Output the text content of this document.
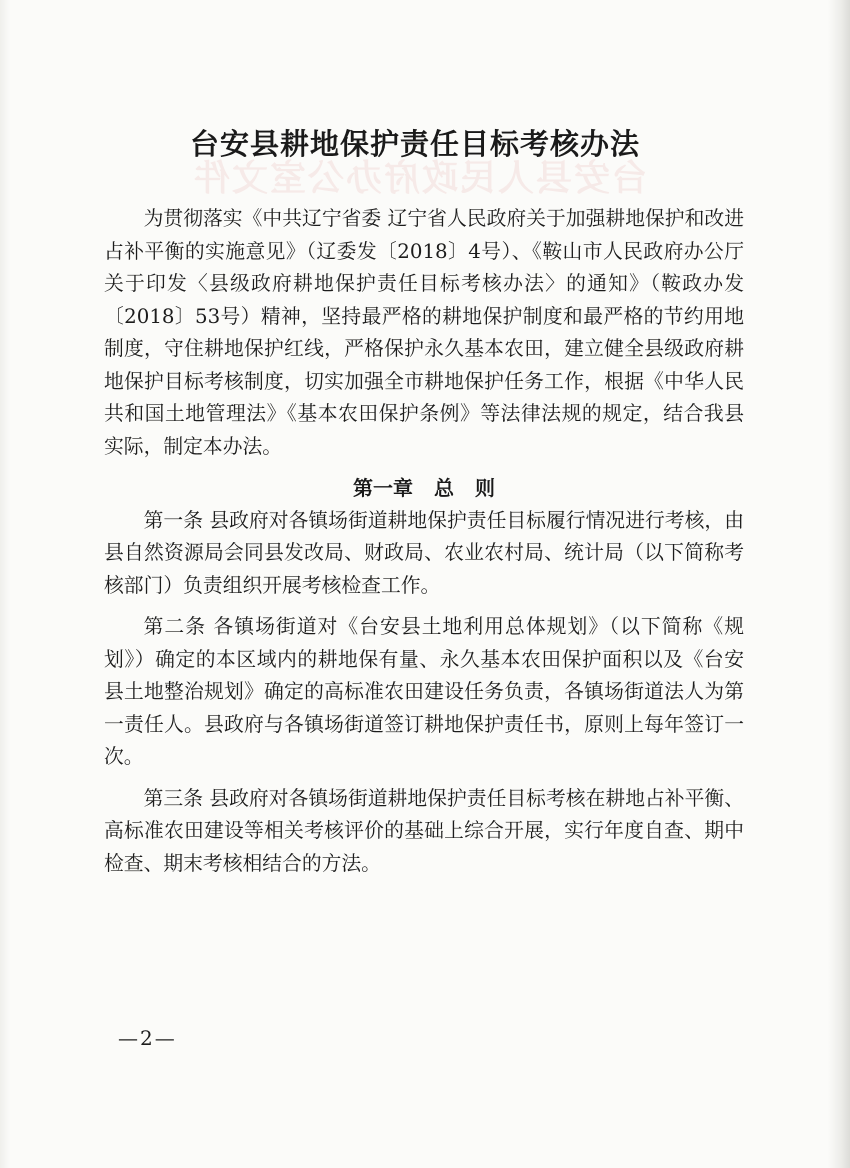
台安县人民政府办公室文件
台安县耕地保护责任目标考核办法

为贯彻落实《中共辽宁省委 辽宁省人民政府关于加强耕地保护和改进占补平衡的实施意见》（辽委发〔2018〕4号）、《鞍山市人民政府办公厅关于印发〈县级政府耕地保护责任目标考核办法〉的通知》（鞍政办发〔2018〕53号）精神，坚持最严格的耕地保护制度和最严格的节约用地制度，守住耕地保护红线，严格保护永久基本农田，建立健全县级政府耕地保护目标考核制度，切实加强全市耕地保护任务工作，根据《中华人民共和国土地管理法》《基本农田保护条例》等法律法规的规定，结合我县实际，制定本办法。

第一章 总 则

第一条 县政府对各镇场街道耕地保护责任目标履行情况进行考核，由县自然资源局会同县发改局、财政局、农业农村局、统计局（以下简称考核部门）负责组织开展考核检查工作。

第二条 各镇场街道对《台安县土地利用总体规划》（以下简称《规划》）确定的本区域内的耕地保有量、永久基本农田保护面积以及《台安县土地整治规划》确定的高标准农田建设任务负责，各镇场街道法人为第一责任人。县政府与各镇场街道签订耕地保护责任书，原则上每年签订一次。

第三条 县政府对各镇场街道耕地保护责任目标考核在耕地占补平衡、高标准农田建设等相关考核评价的基础上综合开展，实行年度自查、期中检查、期末考核相结合的方法。

—2—
